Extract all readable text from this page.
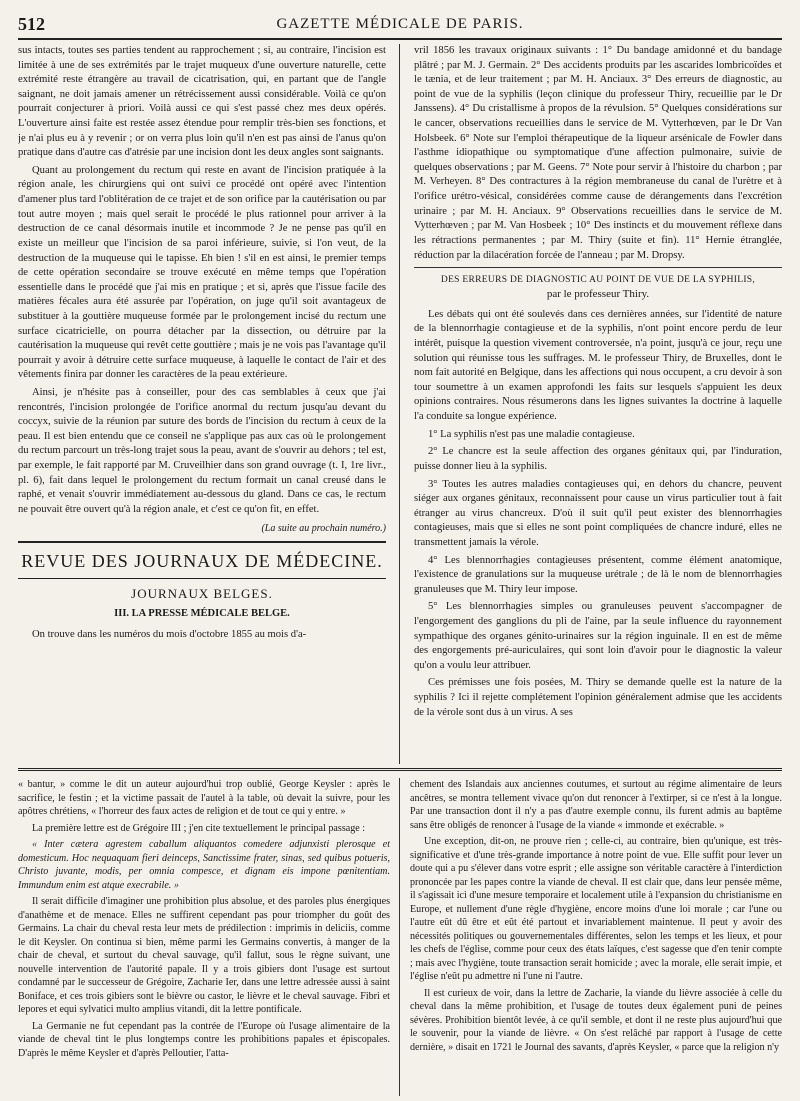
512	GAZETTE MÉDICALE DE PARIS.

sus intacts, toutes ses parties tendent au rapprochement ; si, au contraire, l'incision est limitée à une de ses extrémités par le trajet muqueux d'une ouverture naturelle, cette extrémité reste étrangère au travail de cicatrisation, qui, en partant que de l'angle saignant, ne doit jamais amener un rétrécissement aussi considérable. Voilà ce qu'on pourrait conjecturer à priori. Voilà aussi ce qui s'est passé chez mes deux opérés. L'ouverture ainsi faite est restée assez étendue pour remplir très-bien ses fonctions, et je n'ai plus eu à y revenir ; or on verra plus loin qu'il n'en est pas ainsi de l'anus qu'on pratique dans d'autre cas d'atrésie par une incision dont les deux angles sont saignants.

Quant au prolongement du rectum qui reste en avant de l'incision pratiquée à la région anale, les chirurgiens qui ont suivi ce procédé ont opéré avec l'intention d'amener plus tard l'oblitération de ce trajet et de son orifice par la cautérisation ou par tout autre moyen ; mais quel serait le procédé le plus rationnel pour arriver à la destruction de ce canal désormais inutile et incommode ? Je ne pense pas qu'il en existe un meilleur que l'incision de sa paroi inférieure, suivie, si l'on veut, de la destruction de la muqueuse qui le tapisse. Eh bien ! s'il en est ainsi, le premier temps de cette opération secondaire se trouve exécuté en même temps que l'opération essentielle dans le procédé que j'ai mis en pratique ; et si, après que l'issue facile des matières fécales aura été assurée par l'opération, on juge qu'il soit avantageux de substituer à la gouttière muqueuse formée par le prolongement incisé du rectum une surface cicatricielle, on pourra détacher par la dissection, ou détruire par la cautérisation la muqueuse qui revêt cette gouttière ; mais je ne vois pas l'avantage qu'il pourrait y avoir à détruire cette surface muqueuse, à laquelle le contact de l'air et des vêtements finira par donner les caractères de la peau extérieure.

Ainsi, je n'hésite pas à conseiller, pour des cas semblables à ceux que j'ai rencontrés, l'incision prolongée de l'orifice anormal du rectum jusqu'au devant du coccyx, suivie de la réunion par suture des bords de l'incision du rectum à ceux de la peau. Il est bien entendu que ce conseil ne s'applique pas aux cas où le prolongement du rectum parcourt un très-long trajet sous la peau, avant de s'ouvrir au dehors ; tel est, par exemple, le fait rapporté par M. Cruveilhier dans son grand ouvrage (t. I, 1re livr., pl. 6), fait dans lequel le prolongement du rectum formait un canal creusé dans le raphé, et venait s'ouvrir immédiatement au-dessous du gland. Dans ce cas, le rectum ne pouvait être ouvert qu'à la région anale, et c'est ce qu'on fit, en effet.

(La suite au prochain numéro.)
REVUE DES JOURNAUX DE MÉDECINE.
JOURNAUX BELGES.
III. LA PRESSE MÉDICALE BELGE.

On trouve dans les numéros du mois d'octobre 1855 au mois d'a-

vril 1856 les travaux originaux suivants : 1° Du bandage amidonné et du bandage plâtré ; par M. J. Germain. 2° Des accidents produits par les ascarides lombricoïdes et le tænia, et de leur traitement ; par M. H. Anciaux. 3° Des erreurs de diagnostic, au point de vue de la syphilis (leçon clinique du professeur Thiry, recueillie par le Dr Janssens). 4° Du cristallisme à propos de la révulsion. 5° Quelques considérations sur le cancer, observations recueillies dans le service de M. Vytterhœven, par le Dr Van Holsbeek. 6° Note sur l'emploi thérapeutique de la liqueur arsénicale de Fowler dans l'asthme idiopathique ou symptomatique d'une affection pulmonaire, suivie de quelques observations ; par M. Geens. 7° Note pour servir à l'histoire du charbon ; par M. Verheyen. 8° Des contractures à la région membraneuse du canal de l'urètre et à l'orifice urétro-vésical, considérées comme cause de dérangements dans l'excrétion urinaire ; par M. H. Anciaux. 9° Observations recueillies dans le service de M. Vytterhœven ; par M. Van Hosbeek ; 10° Des instincts et du mouvement réflexe dans les rétractions permanentes ; par M. Thiry (suite et fin). 11° Hernie étranglée, réduction par la dilacération forcée de l'anneau ; par M. Dropsy.

DES ERREURS DE DIAGNOSTIC AU POINT DE VUE DE LA SYPHILIS,
par le professeur Thiry.

Les débats qui ont été soulevés dans ces dernières années, sur l'identité de nature de la blennorrhagie contagieuse et de la syphilis, n'ont point encore perdu de leur intérêt, puisque la question vivement controversée, n'a point, jusqu'à ce jour, reçu une solution qui réunisse tous les suffrages. M. le professeur Thiry, de Bruxelles, dont le nom fait autorité en Belgique, dans les affections qui nous occupent, a cru devoir à son tour soumettre à un examen approfondi les faits sur lesquels s'appuient les deux opinions contraires. Nous résumerons dans les lignes suivantes la doctrine à laquelle l'a conduite sa longue expérience.

1° La syphilis n'est pas une maladie contagieuse.

2° Le chancre est la seule affection des organes génitaux qui, par l'induration, puisse donner lieu à la syphilis.

3° Toutes les autres maladies contagieuses qui, en dehors du chancre, peuvent siéger aux organes génitaux, reconnaissent pour cause un virus particulier tout à fait étranger au virus chancreux. D'où il suit qu'il peut exister des blennorrhagies contagieuses, mais que si elles ne sont point compliquées de chancre induré, elles ne transmettent jamais la vérole.

4° Les blennorrhagies contagieuses présentent, comme élément anatomique, l'existence de granulations sur la muqueuse urétrale ; de là le nom de blennorrhagies granuleuses que M. Thiry leur impose.

5° Les blennorrhagies simples ou granuleuses peuvent s'accompagner de l'engorgement des ganglions du pli de l'aine, par la seule influence du rayonnement sympathique des organes génito-urinaires sur la région inguinale. Il en est de même des engorgements pré-auriculaires, qui sont loin d'avoir pour le diagnostic la valeur qu'on a voulu leur attribuer.

Ces prémisses une fois posées, M. Thiry se demande quelle est la nature de la syphilis ? Ici il rejette complétement l'opinion généralement admise que les accidents de la vérole sont dus à un virus. A ses

« bantur, » comme le dit un auteur aujourd'hui trop oublié, George Keysler : après le sacrifice, le festin ; et la victime passait de l'autel à la table, où devait la suivre, pour les apôtres chrétiens, « l'horreur des faux actes de religion et de tout ce qui y entre. »

La première lettre est de Grégoire III ; j'en cite textuellement le principal passage :

« Inter cætera agrestem caballum aliquantos comedere adjunxisti plerosque et domesticum. Hoc nequaquam fieri deinceps, Sanctissime frater, sinas, sed quibus potueris, Christo juvante, modis, per omnia compesce, et dignam eis impone pœnitentiam. Immundum enim est atque execrabile. »

Il serait difficile d'imaginer une prohibition plus absolue, et des paroles plus énergiques d'anathème et de menace. Elles ne suffirent cependant pas pour triompher du goût des Germains. La chair du cheval resta leur mets de prédilection : imprimis in deliciis, comme le dit Keysler. On continua si bien, même parmi les Germains convertis, à manger de la chair de cheval, et surtout du cheval sauvage, qu'il fallut, sous le règne suivant, une nouvelle intervention de l'autorité papale. Il y a trois gibiers dont l'usage est surtout condamné par le successeur de Grégoire, Zacharie Ier, dans une lettre adressée aussi à saint Boniface, et ces trois gibiers sont le bièvre ou castor, le lièvre et le cheval sauvage. Fibri et lepores et equi sylvatici multo amplius vitandi, dit la lettre pontificale.

La Germanie ne fut cependant pas la contrée de l'Europe où l'usage alimentaire de la viande de cheval tint le plus longtemps contre les prohibitions papales et épiscopales. D'après le même Keysler et d'après Pelloutier, l'atta-

chement des Islandais aux anciennes coutumes, et surtout au régime alimentaire de leurs ancêtres, se montra tellement vivace qu'on dut renoncer à l'extirper, si ce n'est à la longue. Par une transaction dont il n'y a pas d'autre exemple connu, ils furent admis au baptême sans être obligés de renoncer à l'usage de la viande « immonde et exécrable. »

Une exception, dit-on, ne prouve rien ; celle-ci, au contraire, bien qu'unique, est très-significative et d'une très-grande importance à notre point de vue. Elle suffit pour lever un doute qui a pu s'élever dans votre esprit ; elle assigne son véritable caractère à l'interdiction prononcée par les papes contre la viande de cheval. Il est clair que, dans leur pensée même, il s'agissait ici d'une mesure temporaire et localement utile à l'expansion du christianisme en Europe, et nullement d'une règle d'hygiène, encore moins d'une loi morale ; car l'une ou l'autre eût dû être et eût été partout et invariablement maintenue. Il peut y avoir des nécessités politiques ou gouvernementales différentes, selon les temps et les lieux, et pour les chefs de l'église, comme pour ceux des états laïques, c'est sagesse que d'en tenir compte ; mais avec l'hygiène, toute transaction serait homicide ; avec la morale, elle serait impie, et l'église n'eût pu admettre ni l'une ni l'autre.

Il est curieux de voir, dans la lettre de Zacharie, la viande du lièvre associée à celle du cheval dans la même prohibition, et l'usage de toutes deux également puni de peines sévères. Prohibition bientôt levée, à ce qu'il semble, et dont il ne reste plus aujourd'hui que le souvenir, pour la viande de lièvre. « On s'est relâché par rapport à l'usage de cette dernière, » disait en 1721 le Journal des savants, d'après Keysler, « parce que la religion n'y
